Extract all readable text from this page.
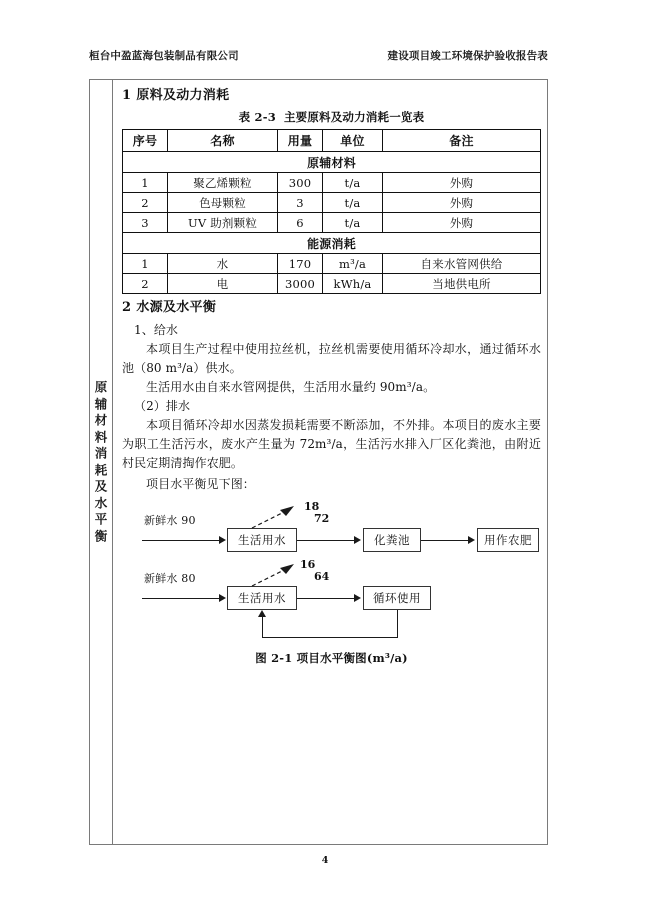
桓台中盈蓝海包装制品有限公司	建设项目竣工环境保护验收报告表
原辅材料消耗及水平衡
1 原料及动力消耗
表 2-3 主要原料及动力消耗一览表
序号	名称	用量	单位	备注
原辅材料				
1	聚乙烯颗粒	300	t/a	外购
2	色母颗粒	3	t/a	外购
3	UV 助剂颗粒	6	t/a	外购
能源消耗				
1	水	170	m³/a	自来水管网供给
2	电	3000	kWh/a	当地供电所
2 水源及水平衡

1、给水

本项目生产过程中使用拉丝机，拉丝机需要使用循环冷却水，通过循环水池（80 m³/a）供水。

生活用水由自来水管网提供，生活用水量约 90m³/a。

（2）排水

本项目循环冷却水因蒸发损耗需要不断添加，不外排。本项目的废水主要为职工生活污水，废水产生量为 72m³/a，生活污水排入厂区化粪池，由附近村民定期清掏作农肥。

项目水平衡见下图：

新鲜水 90
生活用水
18
72
化粪池	用作农肥
新鲜水 80
生活用水
16
64
循环使用
图 2-1 项目水平衡图(m³/a)
4
